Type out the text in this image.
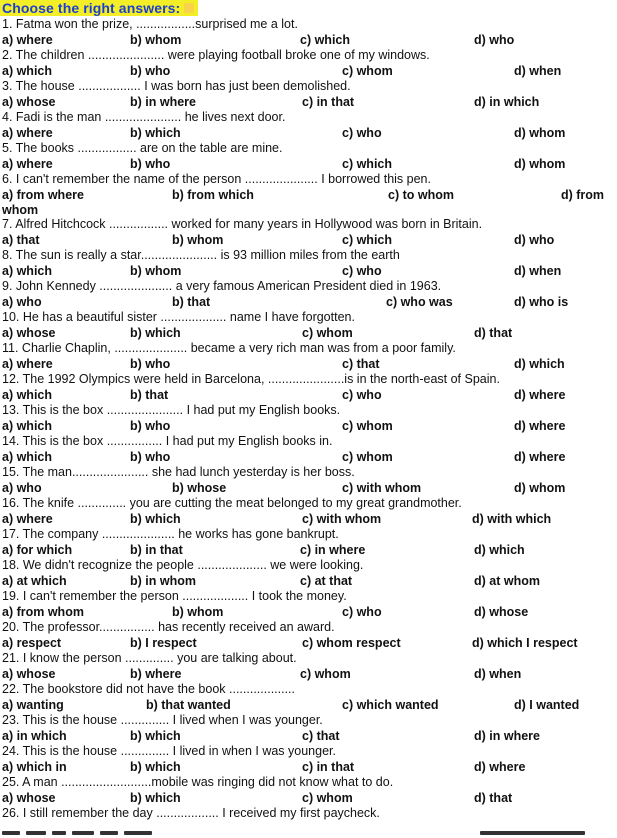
Choose the right answers:
1. Fatma won the prize, .................surprised me a lot.
a) where	b) whom	c) which	d) who
2. The children ...................... were playing football broke one of my windows.
a) which	b) who	c) whom	d) when
3. The house .................. I was born has just been demolished.
a) whose	b) in where	c) in that	d) in which
4. Fadi is the man ...................... he lives next door.
a) where	b) which	c) who	d) whom
5. The books ................. are on the table are mine.
a) where	b) who	c) which	d) whom
6. I can't remember the name of the person ..................... I borrowed this pen.
a) from where	b) from which	c) to whom	d) from
whom
7. Alfred Hitchcock ................. worked for many years in Hollywood was born in Britain.
a) that	b) whom	c) which	d) who
8. The sun is really a star...................... is 93 million miles from the earth
a) which	b) whom	c) who	d) when
9. John Kennedy ..................... a very famous American President died in 1963.
a) who	b) that	c) who was	d) who is
10. He has a beautiful sister ................... name I have forgotten.
a) whose	b) which	c) whom	d) that
11. Charlie Chaplin, ..................... became a very rich man was from a poor family.
a) where	b) who	c) that	d) which
12. The 1992 Olympics were held in Barcelona, ......................is in the north-east of Spain.
a) which	b) that	c) who	d) where
13. This is the box ...................... I had put my English books.
a) which	b) who	c) whom	d) where
14. This is the box ................ I had put my English books in.
a) which	b) who	c) whom	d) where
15. The man...................... she had lunch yesterday is her boss.
a) who	b) whose	c) with whom	d) whom
16. The knife .............. you are cutting the meat belonged to my great grandmother.
a) where	b) which	c) with whom	d) with which
17. The company ..................... he works has gone bankrupt.
a) for which	b) in that	c) in where	d) which
18. We didn't recognize the people .................... we were looking.
a) at which	b) in whom	c) at that	d) at whom
19. I can't remember the person ................... I took the money.
a) from whom	b) whom	c) who	d) whose
20. The professor................ has recently received an award.
a) respect	b) I respect	c) whom respect	d) which I respect
21. I know the person .............. you are talking about.
a) whose	b) where	c) whom	d) when
22. The bookstore did not have the book ...................
a) wanting	b) that wanted	c) which wanted	d) I wanted
23. This is the house .............. I lived when I was younger.
a) in which	b) which	c) that	d) in where
24. This is the house .............. I lived in when I was younger.
a) which in	b) which	c) in that	d) where
25. A man ..........................mobile was ringing did not know what to do.
a) whose	b) which	c) whom	d) that
26. I still remember the day .................. I received my first paycheck.
